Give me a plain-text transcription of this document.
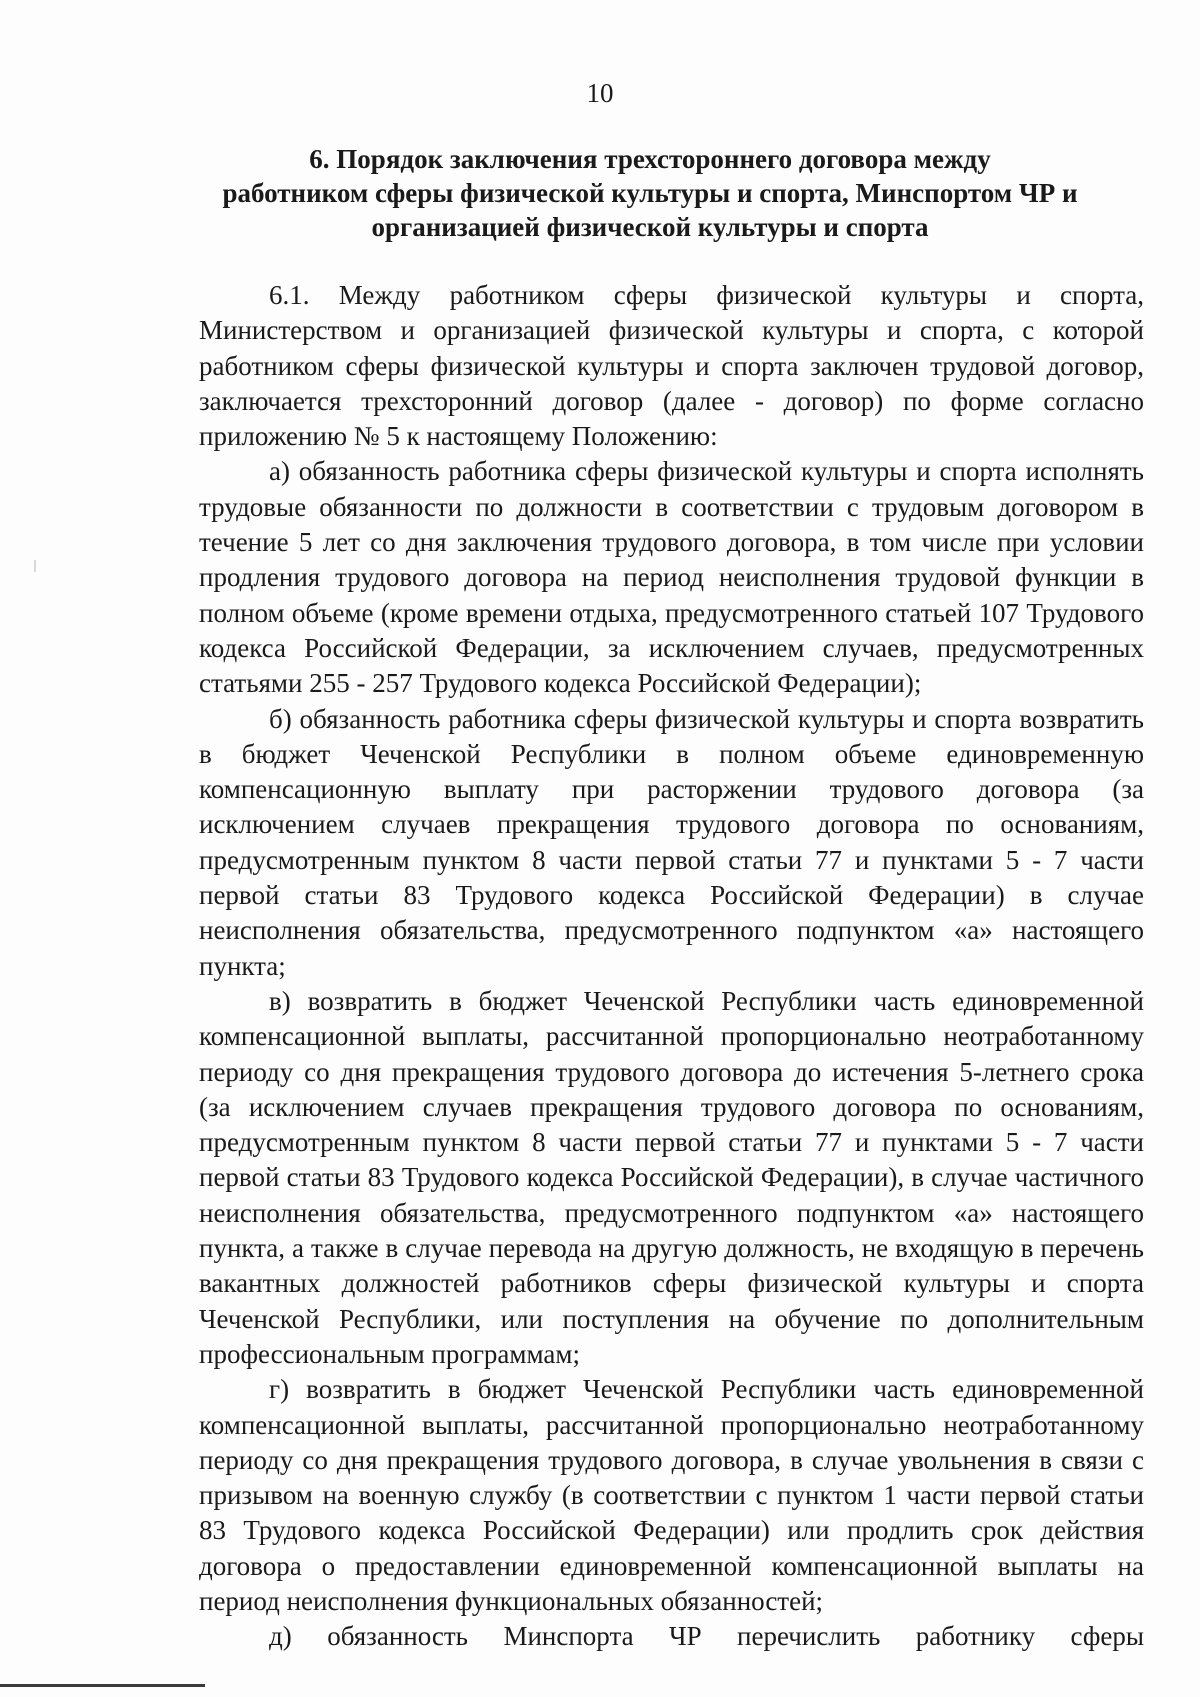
10
6. Порядок заключения трехстороннего договора между
работником сферы физической культуры и спорта, Минспортом ЧР и
организацией физической культуры и спорта

6.1. Между работником сферы физической культуры и спорта, Министерством и организацией физической культуры и спорта, с которой работником сферы физической культуры и спорта заключен трудовой договор, заключается трехсторонний договор (далее - договор) по форме согласно приложению № 5 к настоящему Положению:

а) обязанность работника сферы физической культуры и спорта исполнять трудовые обязанности по должности в соответствии с трудовым договором в течение 5 лет со дня заключения трудового договора, в том числе при условии продления трудового договора на период неисполнения трудовой функции в полном объеме (кроме времени отдыха, предусмотренного статьей 107 Трудового кодекса Российской Федерации, за исключением случаев, предусмотренных статьями 255 - 257 Трудового кодекса Российской Федерации);

б) обязанность работника сферы физической культуры и спорта возвратить в бюджет Чеченской Республики в полном объеме единовременную компенсационную выплату при расторжении трудового договора (за исключением случаев прекращения трудового договора по основаниям, предусмотренным пунктом 8 части первой статьи 77 и пунктами 5 - 7 части первой статьи 83 Трудового кодекса Российской Федерации) в случае неисполнения обязательства, предусмотренного подпунктом «а» настоящего пункта;

в) возвратить в бюджет Чеченской Республики часть единовременной компенсационной выплаты, рассчитанной пропорционально неотработанному периоду со дня прекращения трудового договора до истечения 5-летнего срока (за исключением случаев прекращения трудового договора по основаниям, предусмотренным пунктом 8 части первой статьи 77 и пунктами 5 - 7 части первой статьи 83 Трудового кодекса Российской Федерации), в случае частичного неисполнения обязательства, предусмотренного подпунктом «а» настоящего пункта, а также в случае перевода на другую должность, не входящую в перечень вакантных должностей работников сферы физической культуры и спорта Чеченской Республики, или поступления на обучение по дополнительным профессиональным программам;

г) возвратить в бюджет Чеченской Республики часть единовременной компенсационной выплаты, рассчитанной пропорционально неотработанному периоду со дня прекращения трудового договора, в случае увольнения в связи с призывом на военную службу (в соответствии с пунктом 1 части первой статьи 83 Трудового кодекса Российской Федерации) или продлить срок действия договора о предоставлении единовременной компенсационной выплаты на период неисполнения функциональных обязанностей;

д) обязанность Минспорта ЧР перечислить работнику сферы
